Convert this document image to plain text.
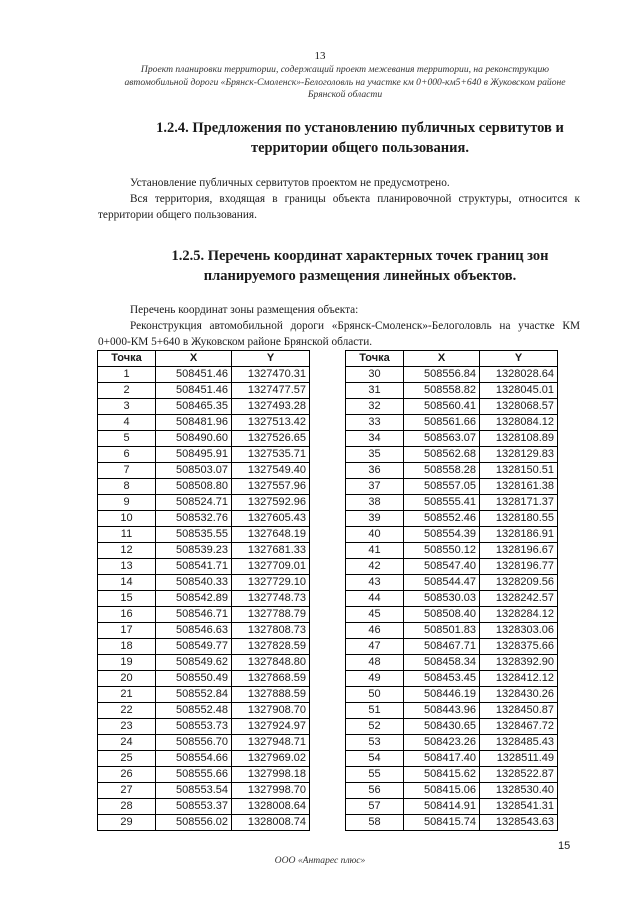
13
Проект планировки территории, содержащий проект межевания территории, на реконструкцию автомобильной дороги «Брянск-Смоленск»-Белоголовль на участке км 0+000-км5+640 в Жуковском районе Брянской области
1.2.4. Предложения по установлению публичных сервитутов и территории общего пользования.
Установление публичных сервитутов проектом не предусмотрено.
Вся территория, входящая в границы объекта планировочной структуры, относится к территории общего пользования.
1.2.5. Перечень координат характерных точек границ зон планируемого размещения линейных объектов.
Перечень координат зоны размещения объекта:
Реконструкция автомобильной дороги «Брянск-Смоленск»-Белоголовль на участке КМ 0+000-КМ 5+640 в Жуковском районе Брянской области.
Точка	X	Y
1	508451.46	1327470.31
2	508451.46	1327477.57
3	508465.35	1327493.28
4	508481.96	1327513.42
5	508490.60	1327526.65
6	508495.91	1327535.71
7	508503.07	1327549.40
8	508508.80	1327557.96
9	508524.71	1327592.96
10	508532.76	1327605.43
11	508535.55	1327648.19
12	508539.23	1327681.33
13	508541.71	1327709.01
14	508540.33	1327729.10
15	508542.89	1327748.73
16	508546.71	1327788.79
17	508546.63	1327808.73
18	508549.77	1327828.59
19	508549.62	1327848.80
20	508550.49	1327868.59
21	508552.84	1327888.59
22	508552.48	1327908.70
23	508553.73	1327924.97
24	508556.70	1327948.71
25	508554.66	1327969.02
26	508555.66	1327998.18
27	508553.54	1327998.70
28	508553.37	1328008.64
29	508556.02	1328008.74
Точка	X	Y
30	508556.84	1328028.64
31	508558.82	1328045.01
32	508560.41	1328068.57
33	508561.66	1328084.12
34	508563.07	1328108.89
35	508562.68	1328129.83
36	508558.28	1328150.51
37	508557.05	1328161.38
38	508555.41	1328171.37
39	508552.46	1328180.55
40	508554.39	1328186.91
41	508550.12	1328196.67
42	508547.40	1328196.77
43	508544.47	1328209.56
44	508530.03	1328242.57
45	508508.40	1328284.12
46	508501.83	1328303.06
47	508467.71	1328375.66
48	508458.34	1328392.90
49	508453.45	1328412.12
50	508446.19	1328430.26
51	508443.96	1328450.87
52	508430.65	1328467.72
53	508423.26	1328485.43
54	508417.40	1328511.49
55	508415.62	1328522.87
56	508415.06	1328530.40
57	508414.91	1328541.31
58	508415.74	1328543.63
15
ООО «Антарес плюс»
